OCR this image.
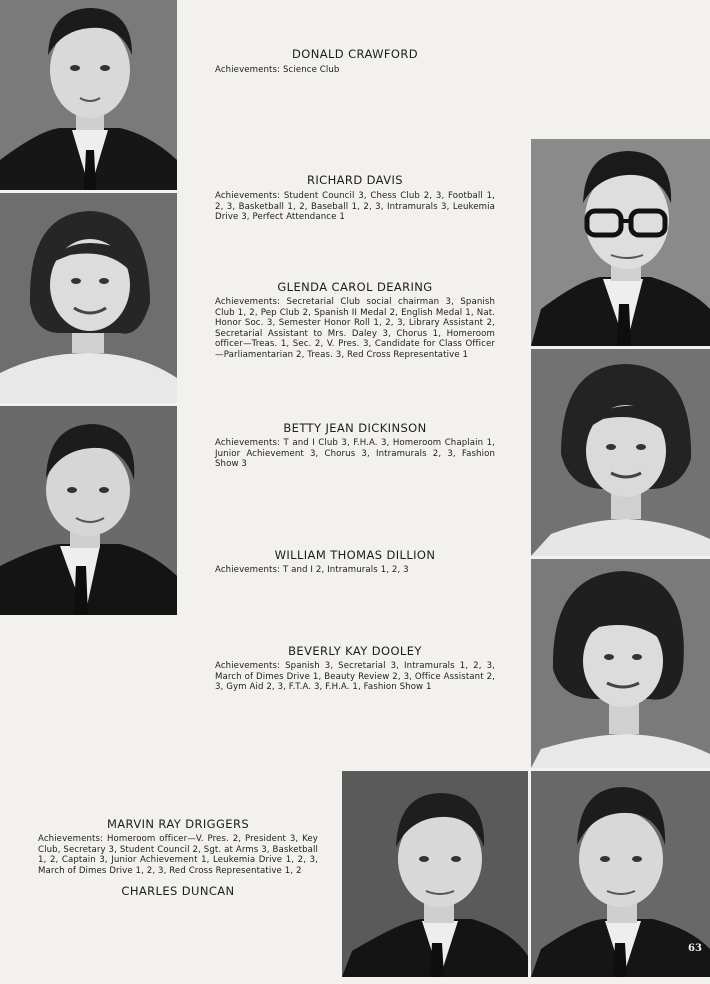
DONALD CRAWFORD
Achievements: Science Club
RICHARD DAVIS
Achievements: Student Council 3, Chess Club 2, 3, Football 1, 2, 3, Basketball 1, 2, Baseball 1, 2, 3, Intramurals 3, Leukemia Drive 3, Perfect Attendance 1
GLENDA CAROL DEARING
Achievements: Secretarial Club social chairman 3, Spanish Club 1, 2, Pep Club 2, Spanish II Medal 2, English Medal 1, Nat. Honor Soc. 3, Semester Honor Roll 1, 2, 3, Library Assistant 2, Secretarial Assistant to Mrs. Daley 3, Chorus 1, Homeroom officer—Treas. 1, Sec. 2, V. Pres. 3, Candidate for Class Officer—Parliamentarian 2, Treas. 3, Red Cross Representative 1
BETTY JEAN DICKINSON
Achievements: T and I Club 3, F.H.A. 3, Homeroom Chaplain 1, Junior Achievement 3, Chorus 3, Intramurals 2, 3, Fashion Show 3
WILLIAM THOMAS DILLION
Achievements: T and I 2, Intramurals 1, 2, 3
BEVERLY KAY DOOLEY
Achievements: Spanish 3, Secretarial 3, Intramurals 1, 2, 3, March of Dimes Drive 1, Beauty Review 2, 3, Office Assistant 2, 3, Gym Aid 2, 3, F.T.A. 3, F.H.A. 1, Fashion Show 1
MARVIN RAY DRIGGERS
Achievements: Homeroom officer—V. Pres. 2, President 3, Key Club, Secretary 3, Student Council 2, Sgt. at Arms 3, Basketball 1, 2, Captain 3, Junior Achievement 1, Leukemia Drive 1, 2, 3, March of Dimes Drive 1, 2, 3, Red Cross Representative 1, 2
CHARLES DUNCAN
63
